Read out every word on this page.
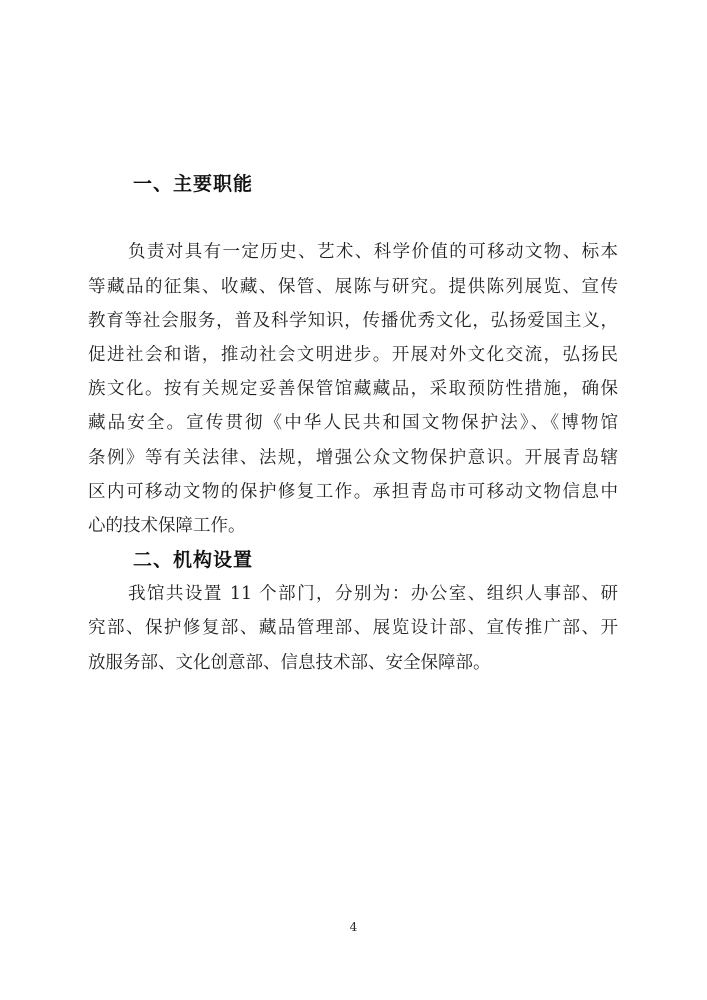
一、主要职能
负责对具有一定历史、艺术、科学价值的可移动文物、标本
等藏品的征集、收藏、保管、展陈与研究。提供陈列展览、宣传
教育等社会服务，普及科学知识，传播优秀文化，弘扬爱国主义，
促进社会和谐，推动社会文明进步。开展对外文化交流，弘扬民
族文化。按有关规定妥善保管馆藏藏品，采取预防性措施，确保
藏品安全。宣传贯彻《中华人民共和国文物保护法》、《博物馆
条例》等有关法律、法规，增强公众文物保护意识。开展青岛辖
区内可移动文物的保护修复工作。承担青岛市可移动文物信息中
心的技术保障工作。
二、机构设置
我馆共设置 11 个部门，分别为：办公室、组织人事部、研
究部、保护修复部、藏品管理部、展览设计部、宣传推广部、开
放服务部、文化创意部、信息技术部、安全保障部。
4
